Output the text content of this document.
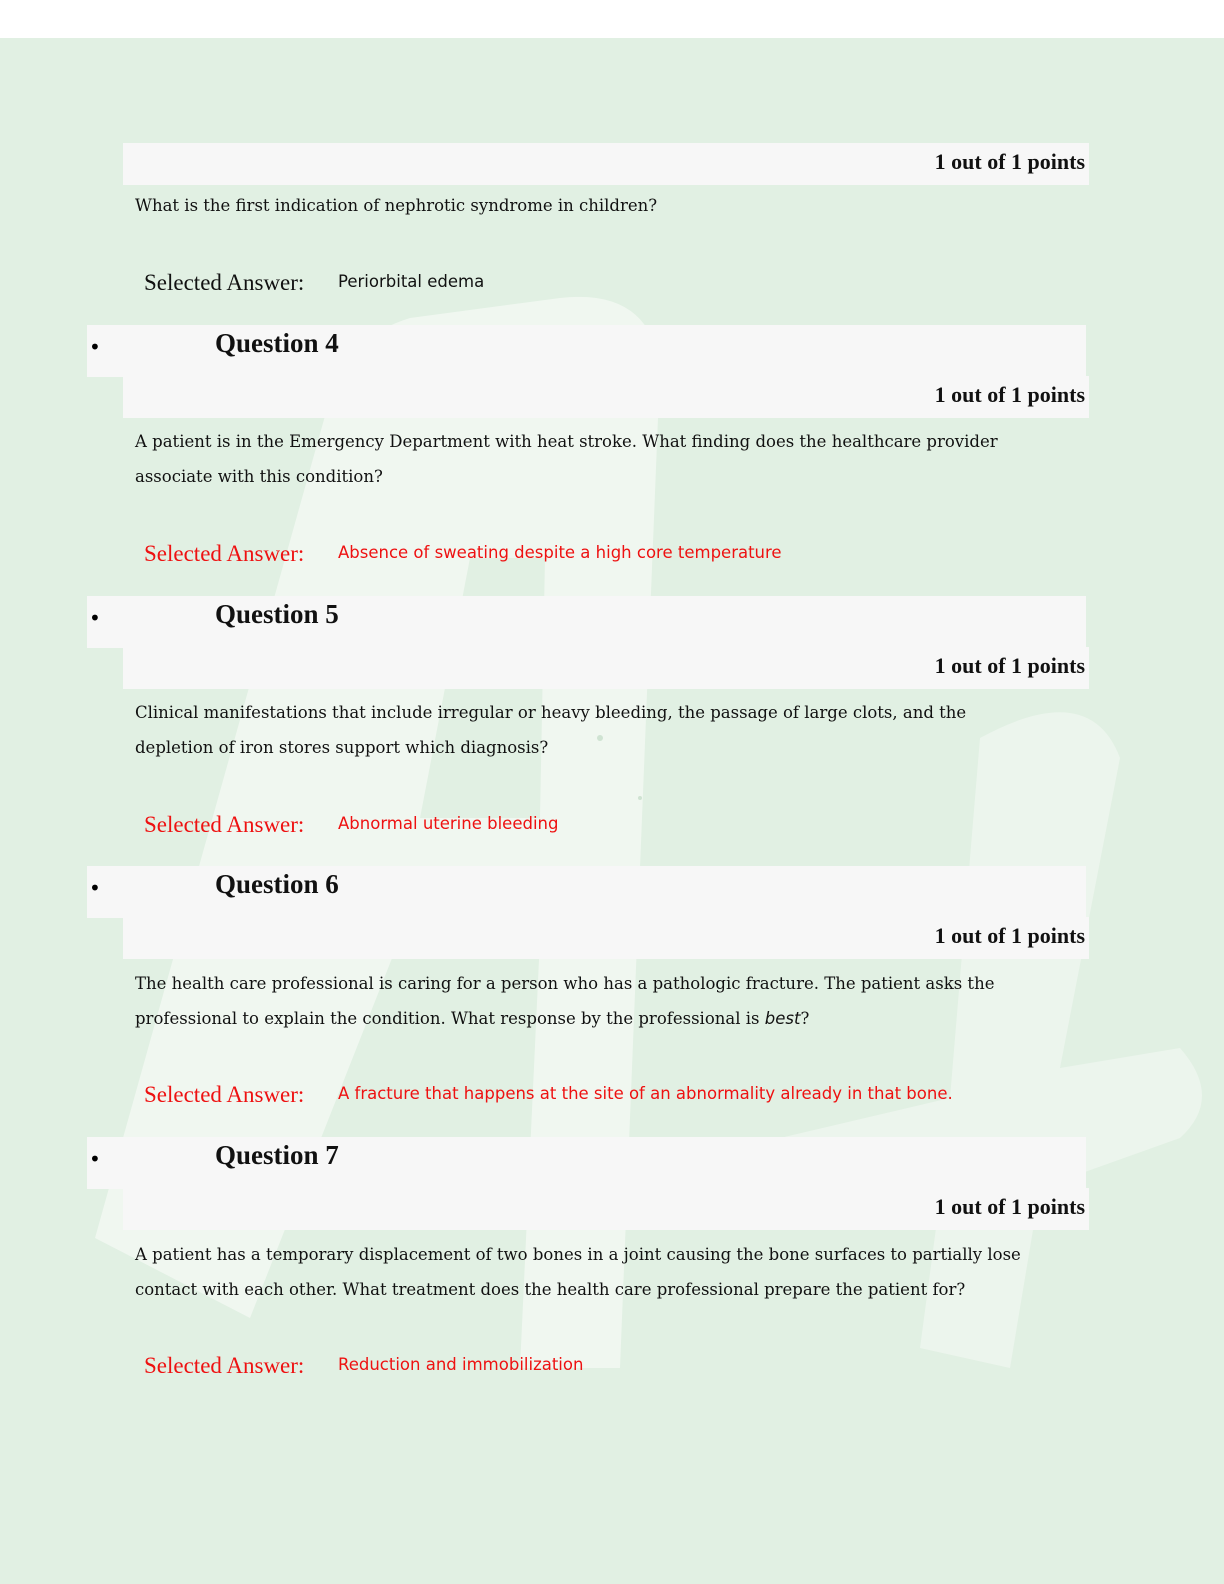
1 out of 1 points
What is the first indication of nephrotic syndrome in children?
Selected Answer: Periorbital edema
•	Question 4
1 out of 1 points
A patient is in the Emergency Department with heat stroke. What finding does the healthcare provider
associate with this condition?
Selected Answer: Absence of sweating despite a high core temperature
•	Question 5
1 out of 1 points
Clinical manifestations that include irregular or heavy bleeding, the passage of large clots, and the
depletion of iron stores support which diagnosis?
Selected Answer: Abnormal uterine bleeding
•	Question 6
1 out of 1 points
The health care professional is caring for a person who has a pathologic fracture. The patient asks the
professional to explain the condition. What response by the professional is best?
Selected Answer: A fracture that happens at the site of an abnormality already in that bone.
•	Question 7
1 out of 1 points
A patient has a temporary displacement of two bones in a joint causing the bone surfaces to partially lose
contact with each other. What treatment does the health care professional prepare the patient for?
Selected Answer: Reduction and immobilization
